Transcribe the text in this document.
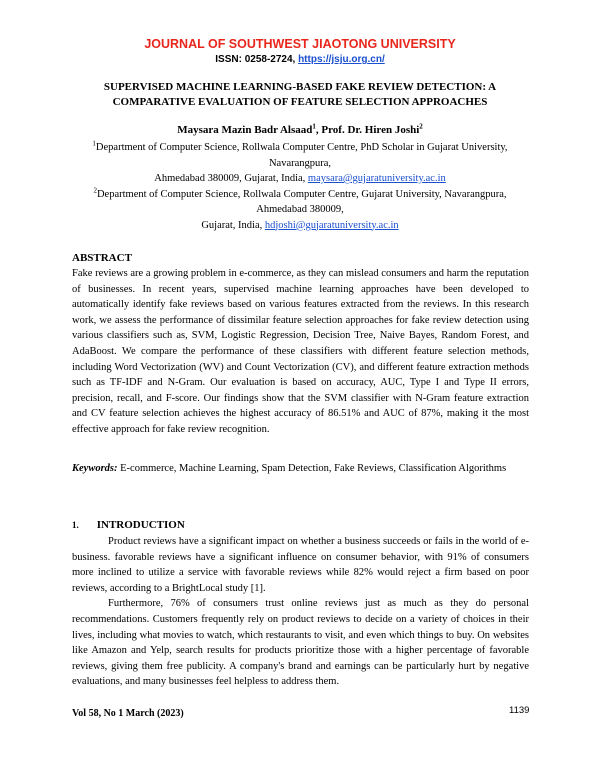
JOURNAL OF SOUTHWEST JIAOTONG UNIVERSITY
ISSN: 0258-2724, https://jsju.org.cn/
SUPERVISED MACHINE LEARNING-BASED FAKE REVIEW DETECTION: A COMPARATIVE EVALUATION OF FEATURE SELECTION APPROACHES
Maysara Mazin Badr Alsaad$^1$, Prof. Dr. Hiren Joshi$^2$
$^1$Department of Computer Science, Rollwala Computer Centre, PhD Scholar in Gujarat University, Navarangpura,
Ahmedabad 380009, Gujarat, India, maysara@gujaratuniversity.ac.in
$^2$Department of Computer Science, Rollwala Computer Centre, Gujarat University, Navarangpura, Ahmedabad 380009,
Gujarat, India, hdjoshi@gujaratuniversity.ac.in
ABSTRACT
Fake reviews are a growing problem in e-commerce, as they can mislead consumers and harm the reputation of businesses. In recent years, supervised machine learning approaches have been developed to automatically identify fake reviews based on various features extracted from the reviews. In this research work, we assess the performance of dissimilar feature selection approaches for fake review detection using various classifiers such as, SVM, Logistic Regression, Decision Tree, Naive Bayes, Random Forest, and AdaBoost. We compare the performance of these classifiers with different feature selection methods, including Word Vectorization (WV) and Count Vectorization (CV), and different feature extraction methods such as TF-IDF and N-Gram. Our evaluation is based on accuracy, AUC, Type I and Type II errors, precision, recall, and F-score. Our findings show that the SVM classifier with N-Gram feature extraction and CV feature selection achieves the highest accuracy of 86.51% and AUC of 87%, making it the most effective approach for fake review recognition.
Keywords: E-commerce, Machine Learning, Spam Detection, Fake Reviews, Classification Algorithms
1. INTRODUCTION

Product reviews have a significant impact on whether a business succeeds or fails in the world of e-business. favorable reviews have a significant influence on consumer behavior, with 91% of consumers more inclined to utilize a service with favorable reviews while 82% would reject a firm based on poor reviews, according to a BrightLocal study [1].

Furthermore, 76% of consumers trust online reviews just as much as they do personal recommendations. Customers frequently rely on product reviews to decide on a variety of choices in their lives, including what movies to watch, which restaurants to visit, and even which things to buy. On websites like Amazon and Yelp, search results for products prioritize those with a higher percentage of favorable reviews, giving them free publicity. A company's brand and earnings can be particularly hurt by negative evaluations, and many businesses feel helpless to address them.

Vol 58, No 1 March (2023)	1139
